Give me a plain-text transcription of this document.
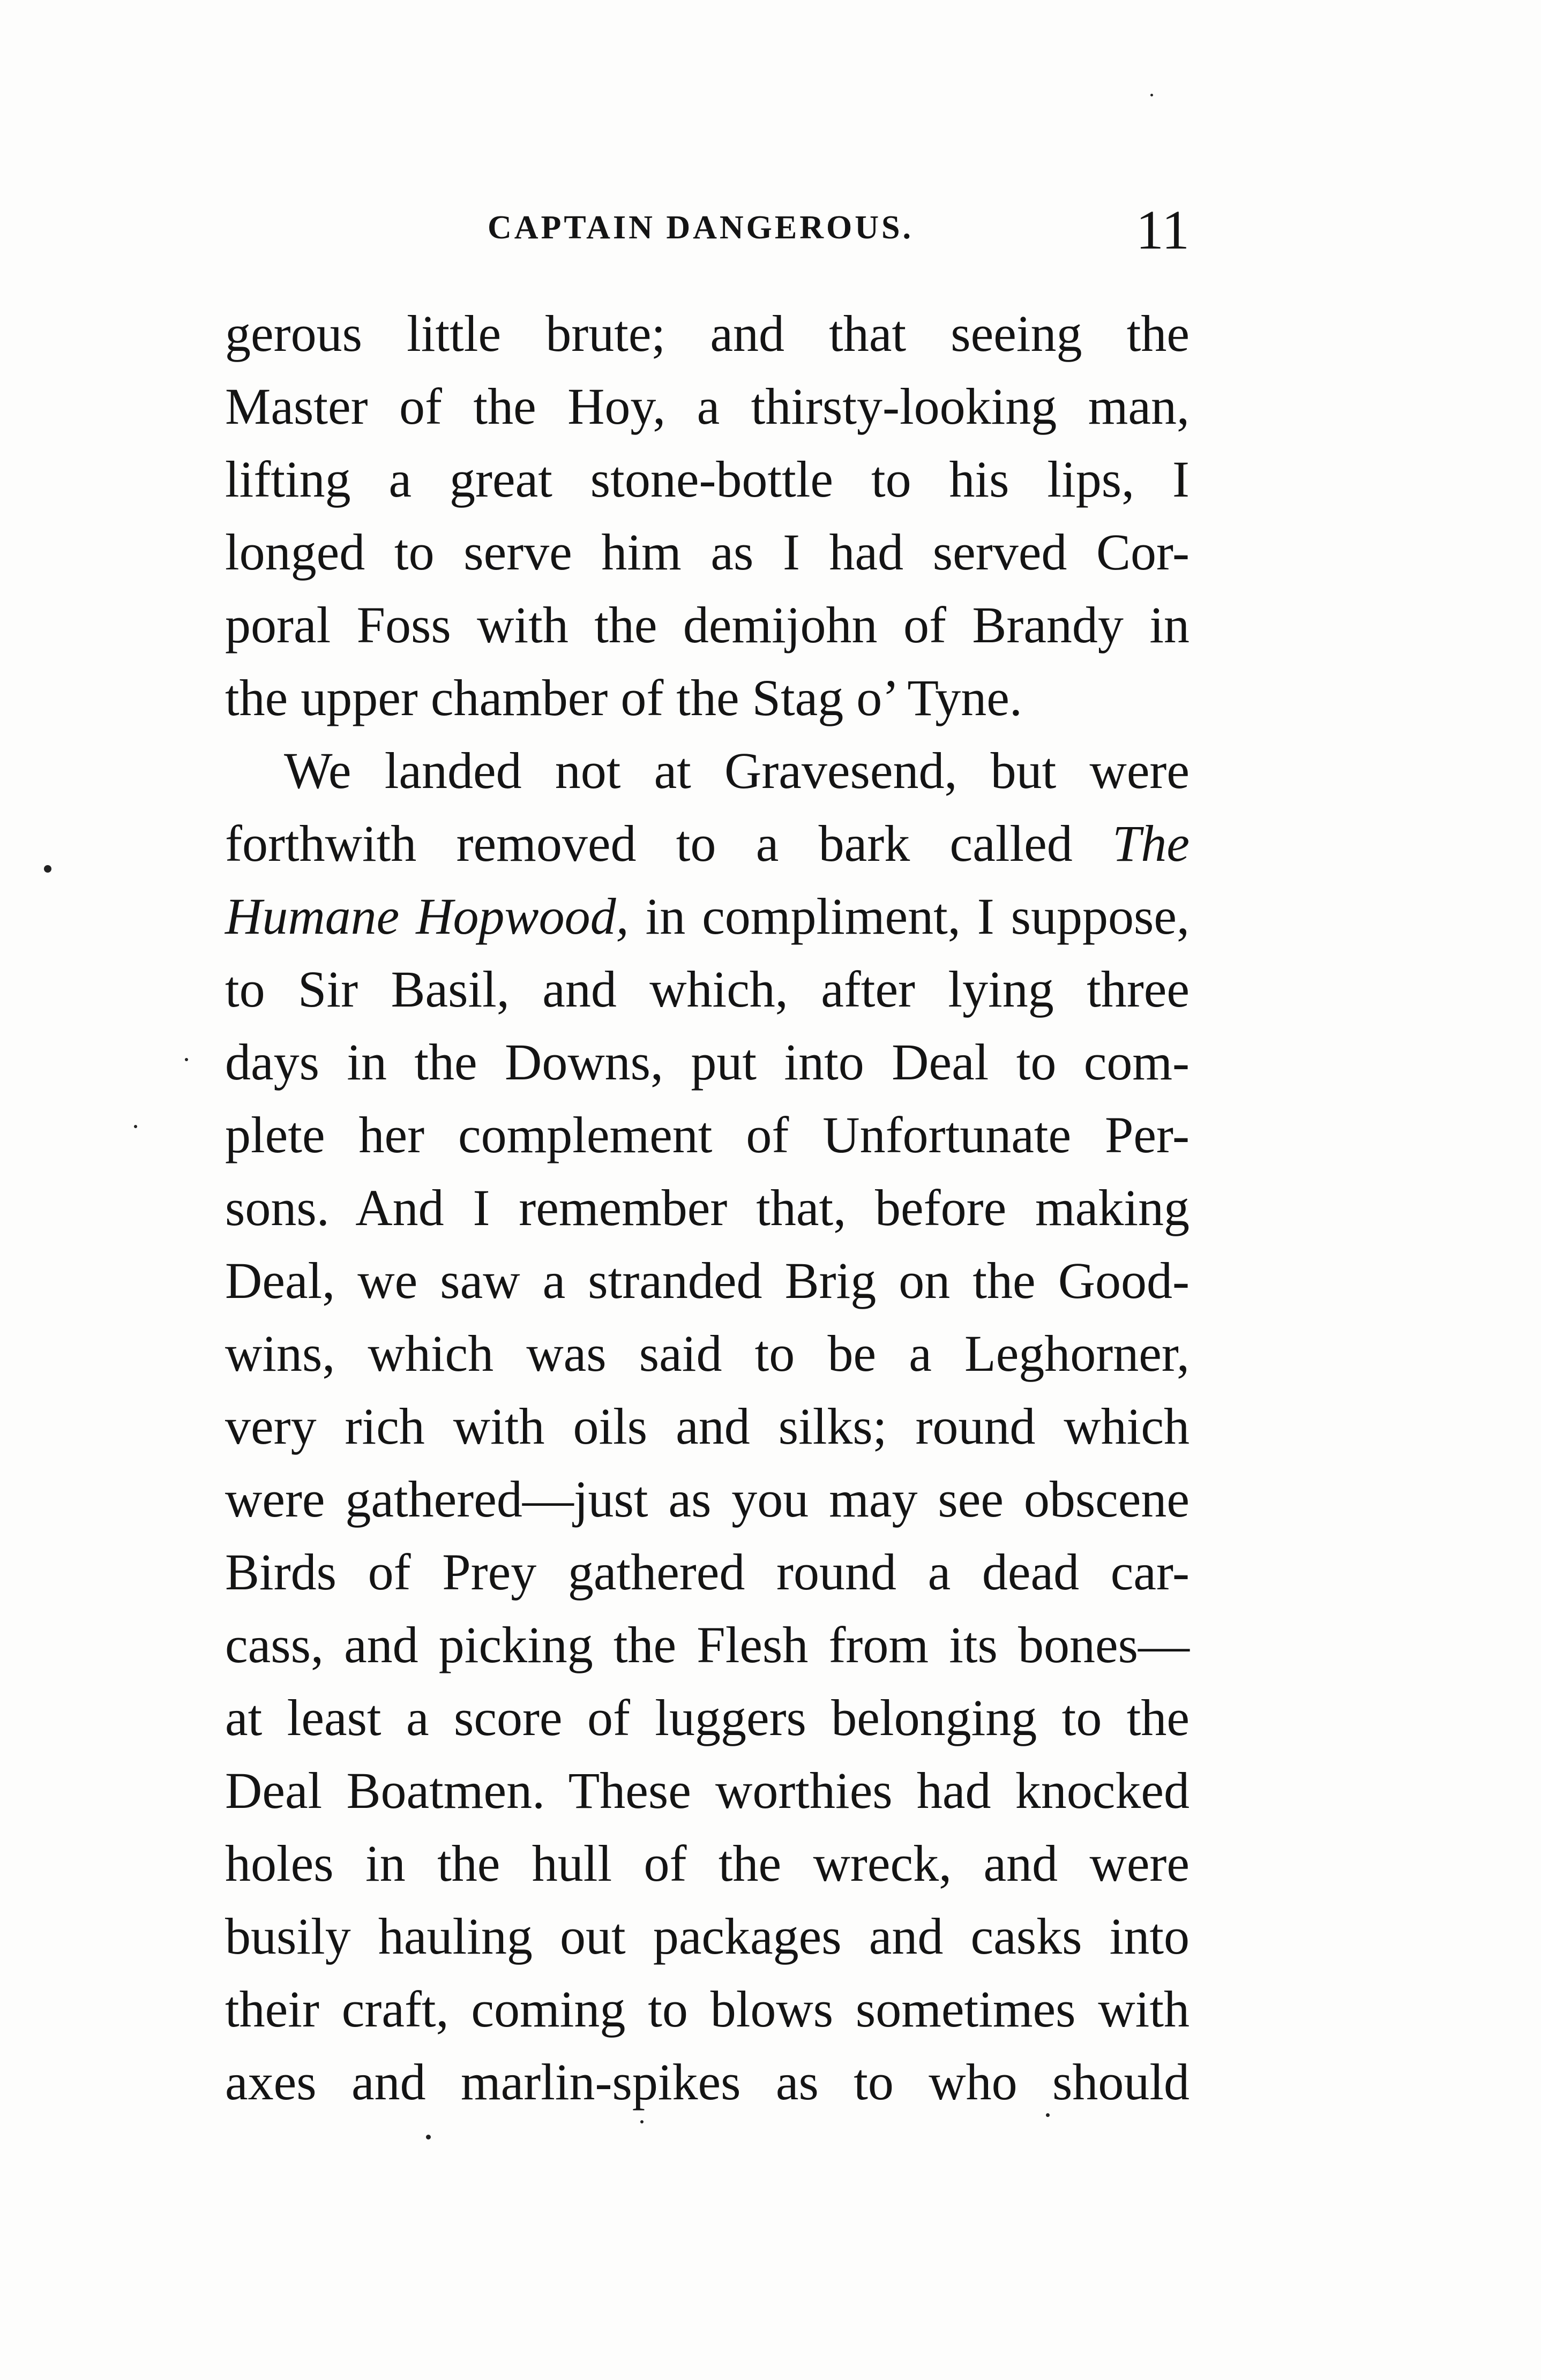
CAPTAIN DANGEROUS.	11
gerous little brute; and that seeing the
Master of the Hoy, a thirsty-looking man,
lifting a great stone-bottle to his lips, I
longed to serve him as I had served Cor-
poral Foss with the demijohn of Brandy in
the upper chamber of the Stag o’ Tyne.
We landed not at Gravesend, but were
forthwith removed to a bark called The
Humane Hopwood, in compliment, I suppose,
to Sir Basil, and which, after lying three
days in the Downs, put into Deal to com-
plete her complement of Unfortunate Per-
sons. And I remember that, before making
Deal, we saw a stranded Brig on the Good-
wins, which was said to be a Leghorner,
very rich with oils and silks; round which
were gathered—just as you may see obscene
Birds of Prey gathered round a dead car-
cass, and picking the Flesh from its bones—
at least a score of luggers belonging to the
Deal Boatmen. These worthies had knocked
holes in the hull of the wreck, and were
busily hauling out packages and casks into
their craft, coming to blows sometimes with
axes and marlin-spikes as to who should
